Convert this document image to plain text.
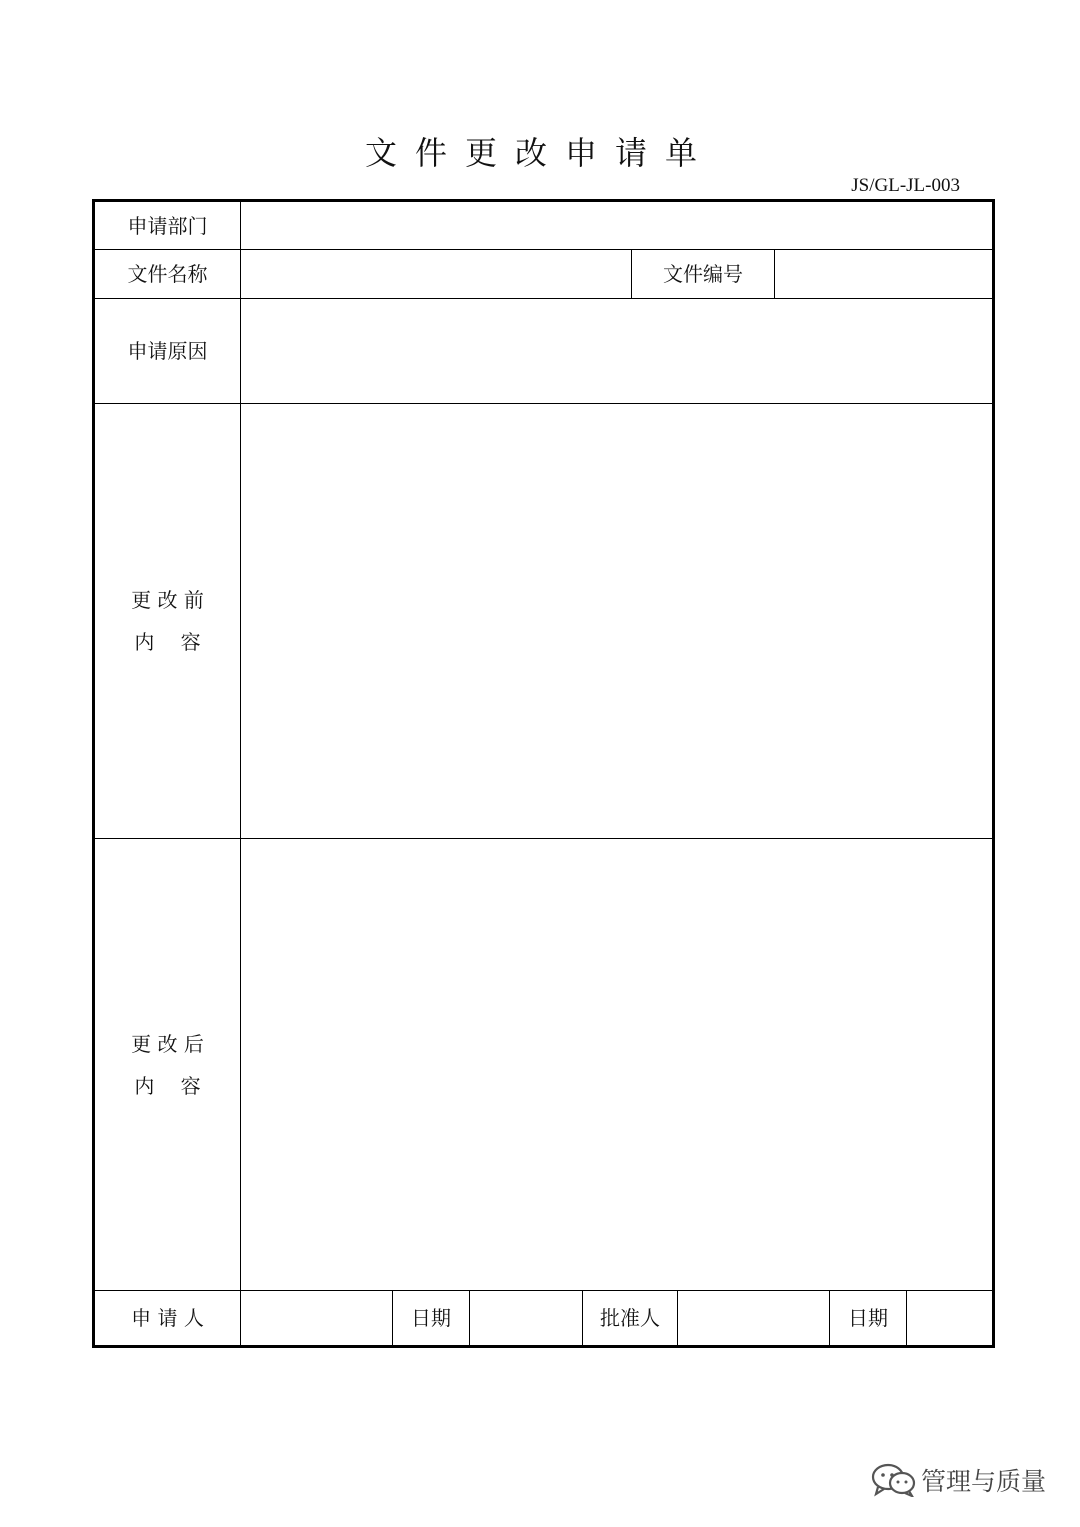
文件更改申请单
JS/GL-JL-003
申请部门
文件名称	文件编号
申请原因
更 改 前
内　 容
更 改 后
内　 容
申 请 人	日期	批准人	日期
管理与质量
